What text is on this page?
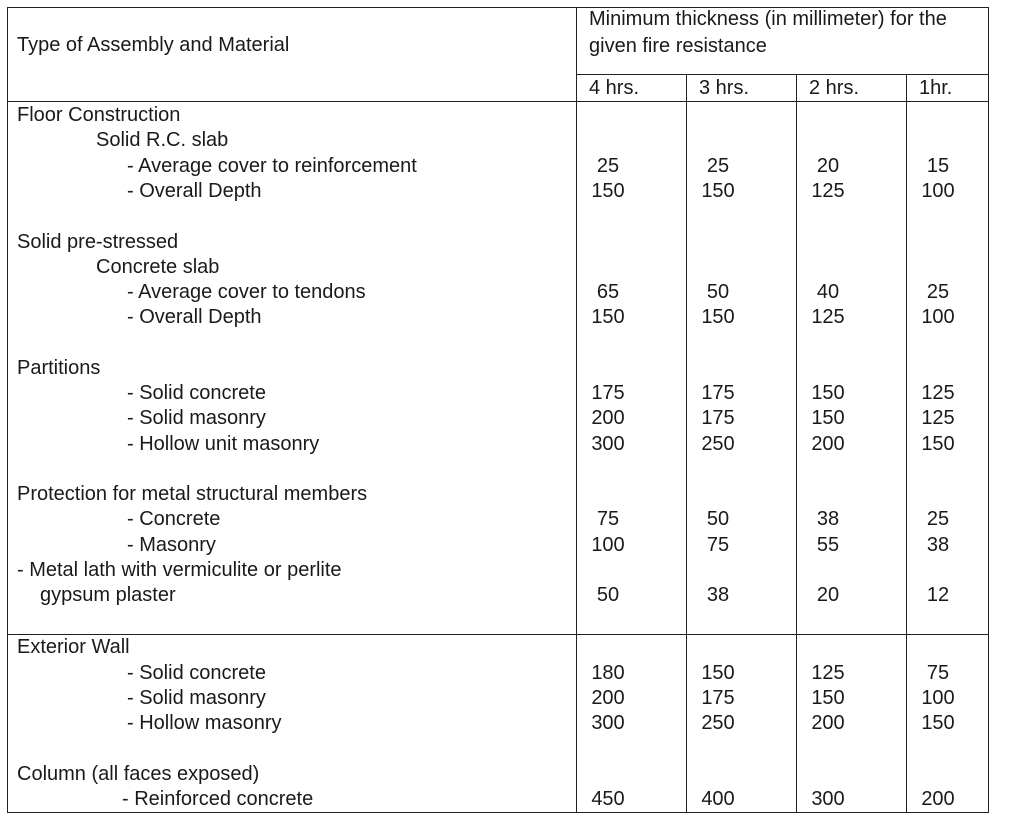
Type of Assembly and Material
Minimum thickness (in millimeter) for the
given fire resistance
4 hrs.	3 hrs.	2 hrs.	1hr.
Floor Construction
Solid R.C. slab
- Average cover to reinforcement	25	25	20	15
- Overall Depth	150	150	125	100
Solid pre-stressed
Concrete slab
- Average cover to tendons	65	50	40	25
- Overall Depth	150	150	125	100
Partitions
- Solid concrete	175	175	150	125
- Solid masonry	200	175	150	125
- Hollow unit masonry	300	250	200	150
Protection for metal structural members
- Concrete	75	50	38	25
- Masonry	100	75	55	38
- Metal lath with vermiculite or perlite
gypsum plaster	50	38	20	12
Exterior Wall
- Solid concrete	180	150	125	75
- Solid masonry	200	175	150	100
- Hollow masonry	300	250	200	150
Column (all faces exposed)
- Reinforced concrete	450	400	300	200
